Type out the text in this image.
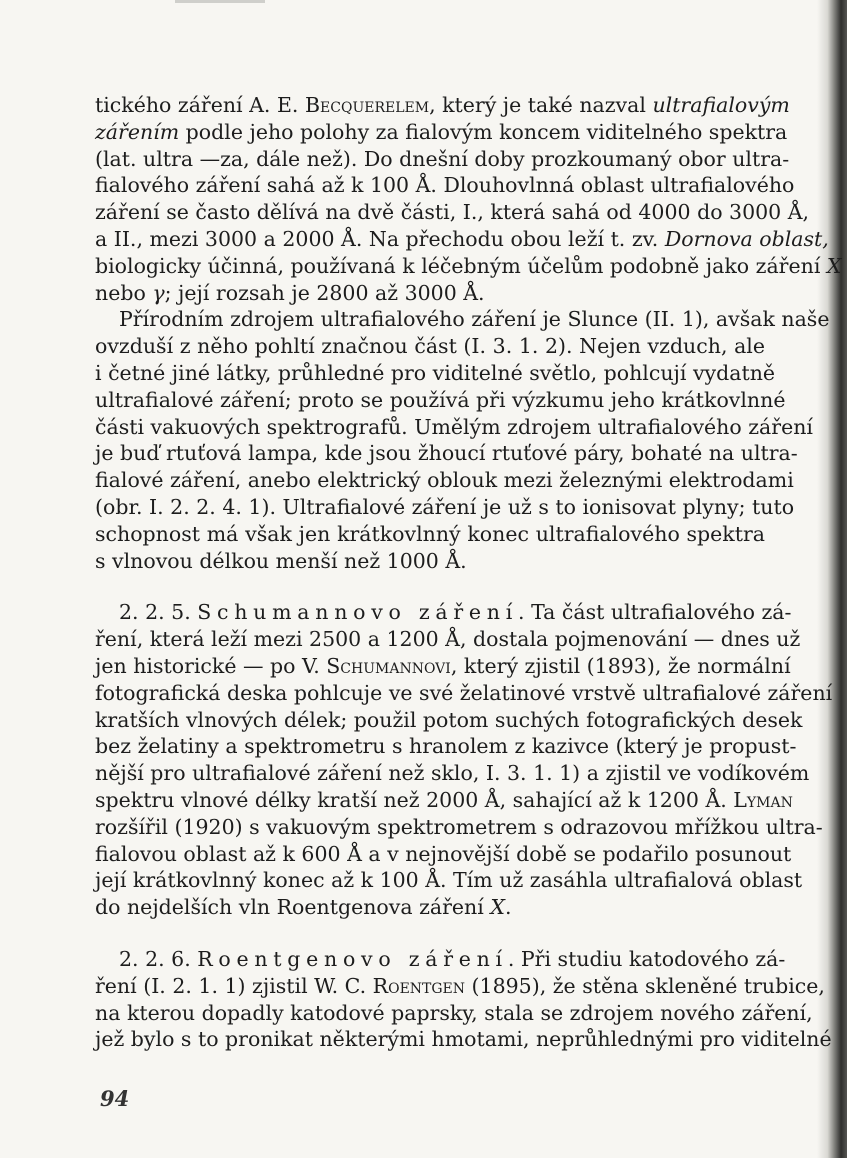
tického záření A. E. Becquerelem, který je také nazval ultrafialovým
zářením podle jeho polohy za fialovým koncem viditelného spektra
(lat. ultra —za, dále než). Do dnešní doby prozkoumaný obor ultra-
fialového záření sahá až k 100 Å. Dlouhovlnná oblast ultrafialového
záření se často dělívá na dvě části, I., která sahá od 4000 do 3000 Å,
a II., mezi 3000 a 2000 Å. Na přechodu obou leží t. zv. Dornova oblast,
biologicky účinná, používaná k léčebným účelům podobně jako záření X
nebo γ; její rozsah je 2800 až 3000 Å.
Přírodním zdrojem ultrafialového záření je Slunce (II. 1), avšak naše
ovzduší z něho pohltí značnou část (I. 3. 1. 2). Nejen vzduch, ale
i četné jiné látky, průhledné pro viditelné světlo, pohlcují vydatně
ultrafialové záření; proto se používá při výzkumu jeho krátkovlnné
části vakuových spektrografů. Umělým zdrojem ultrafialového záření
je buď rtuťová lampa, kde jsou žhoucí rtuťové páry, bohaté na ultra-
fialové záření, anebo elektrický oblouk mezi železnými elektrodami
(obr. I. 2. 2. 4. 1). Ultrafialové záření je už s to ionisovat plyny; tuto
schopnost má však jen krátkovlnný konec ultrafialového spektra
s vlnovou délkou menší než 1000 Å.
2. 2. 5. Schumannovo záření. Ta část ultrafialového zá-
ření, která leží mezi 2500 a 1200 Å, dostala pojmenování — dnes už
jen historické — po V. Schumannovi, který zjistil (1893), že normální
fotografická deska pohlcuje ve své želatinové vrstvě ultrafialové záření
kratších vlnových délek; použil potom suchých fotografických desek
bez želatiny a spektrometru s hranolem z kazivce (který je propust-
nější pro ultrafialové záření než sklo, I. 3. 1. 1) a zjistil ve vodíkovém
spektru vlnové délky kratší než 2000 Å, sahající až k 1200 Å. Lyman
rozšířil (1920) s vakuovým spektrometrem s odrazovou mřížkou ultra-
fialovou oblast až k 600 Å a v nejnovější době se podařilo posunout
její krátkovlnný konec až k 100 Å. Tím už zasáhla ultrafialová oblast
do nejdelších vln Roentgenova záření X.
2. 2. 6. Roentgenovo záření. Při studiu katodového zá-
ření (I. 2. 1. 1) zjistil W. C. Roentgen (1895), že stěna skleněné trubice,
na kterou dopadly katodové paprsky, stala se zdrojem nového záření,
jež bylo s to pronikat některými hmotami, neprůhlednými pro viditelné
94
